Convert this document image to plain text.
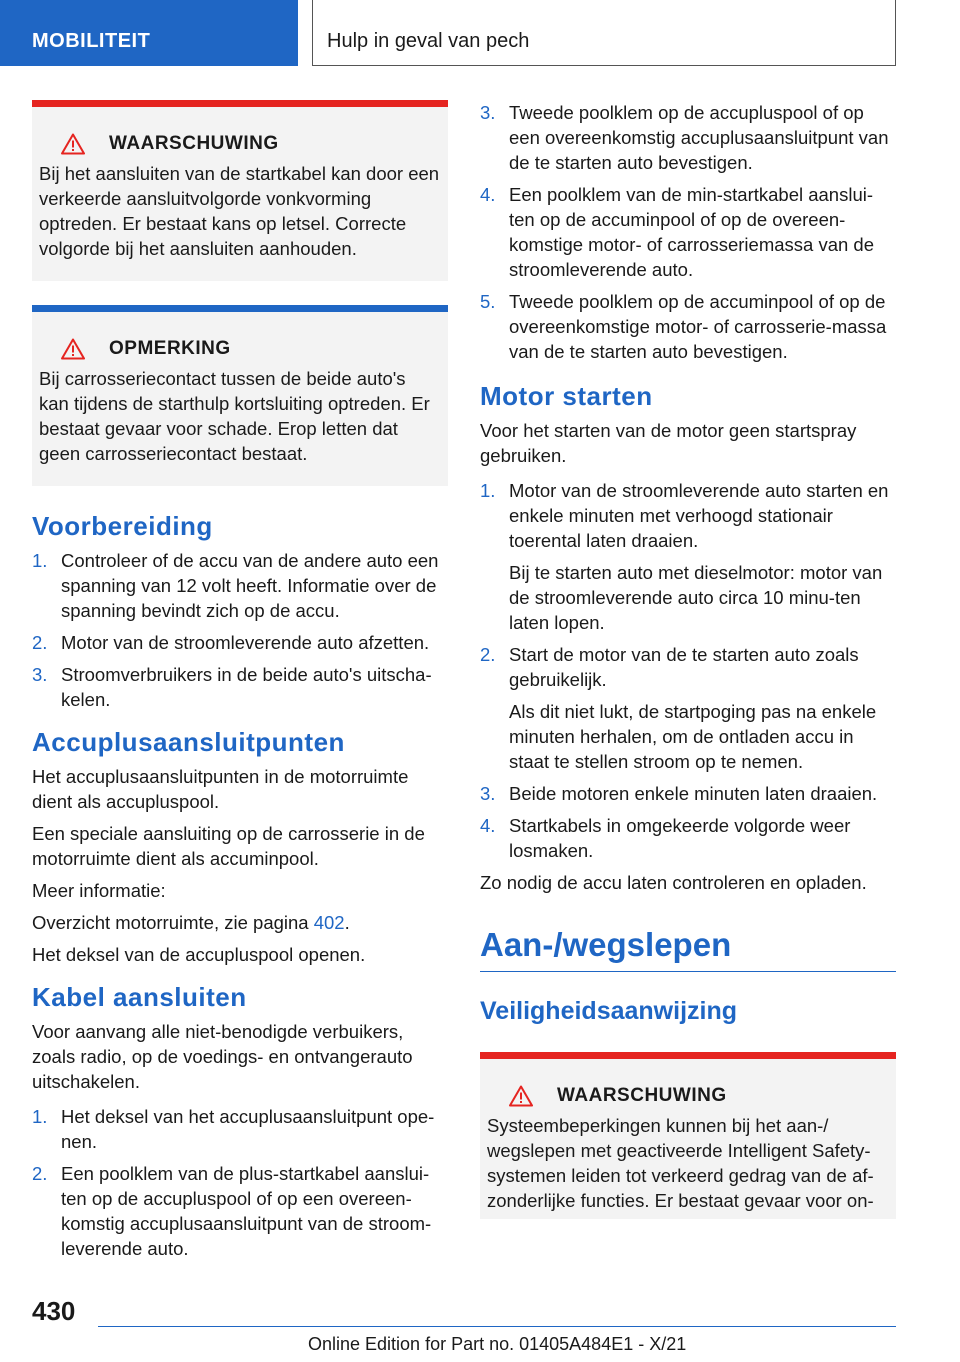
MOBILITEIT	Hulp in geval van pech
WAARSCHUWING
Bij het aansluiten van de startkabel kan door een verkeerde aansluitvolgorde vonkvorming optreden. Er bestaat kans op letsel. Correcte volgorde bij het aansluiten aanhouden.
OPMERKING
Bij carrosseriecontact tussen de beide auto's kan tijdens de starthulp kortsluiting optreden. Er bestaat gevaar voor schade. Erop letten dat geen carrosseriecontact bestaat.
Voorbereiding
1. Controleer of de accu van de andere auto een spanning van 12 volt heeft. Informatie over de spanning bevindt zich op de accu.
2. Motor van de stroomleverende auto afzetten.
3. Stroomverbruikers in de beide auto's uitscha-kelen.
Accuplusaansluitpunten

Het accuplusaansluitpunten in de motorruimte dient als accupluspool.

Een speciale aansluiting op de carrosserie in de motorruimte dient als accuminpool.

Meer informatie:

Overzicht motorruimte, zie pagina 402.

Het deksel van de accupluspool openen.

Kabel aansluiten

Voor aanvang alle niet-benodigde verbuikers, zoals radio, op de voedings- en ontvangerauto uitschakelen.

1. Het deksel van het accuplusaansluitpunt ope-nen.
2. Een poolklem van de plus-startkabel aanslui-ten op de accupluspool of op een overeen-komstig accuplusaansluitpunt van de stroom-leverende auto.
3. Tweede poolklem op de accupluspool of op een overeenkomstig accuplusaansluitpunt van de te starten auto bevestigen.
4. Een poolklem van de min-startkabel aanslui-ten op de accuminpool of op de overeen-komstige motor- of carrosseriemassa van de stroomleverende auto.
5. Tweede poolklem op de accuminpool of op de overeenkomstige motor- of carrosserie-massa van de te starten auto bevestigen.
Motor starten

Voor het starten van de motor geen startspray gebruiken.

1. Motor van de stroomleverende auto starten en enkele minuten met verhoogd stationair toerental laten draaien.
Bij te starten auto met dieselmotor: motor van de stroomleverende auto circa 10 minu-ten laten lopen.
2. Start de motor van de te starten auto zoals gebruikelijk.
Als dit niet lukt, de startpoging pas na enkele minuten herhalen, om de ontladen accu in staat te stellen stroom op te nemen.
3. Beide motoren enkele minuten laten draaien.
4. Startkabels in omgekeerde volgorde weer losmaken.

Zo nodig de accu laten controleren en opladen.

Aan-/wegslepen
Veiligheidsaanwijzing
WAARSCHUWING
Systeembeperkingen kunnen bij het aan-/ wegslepen met geactiveerde Intelligent Safety-systemen leiden tot verkeerd gedrag van de af-zonderlijke functies. Er bestaat gevaar voor on-
430
Online Edition for Part no. 01405A484E1 - X/21
